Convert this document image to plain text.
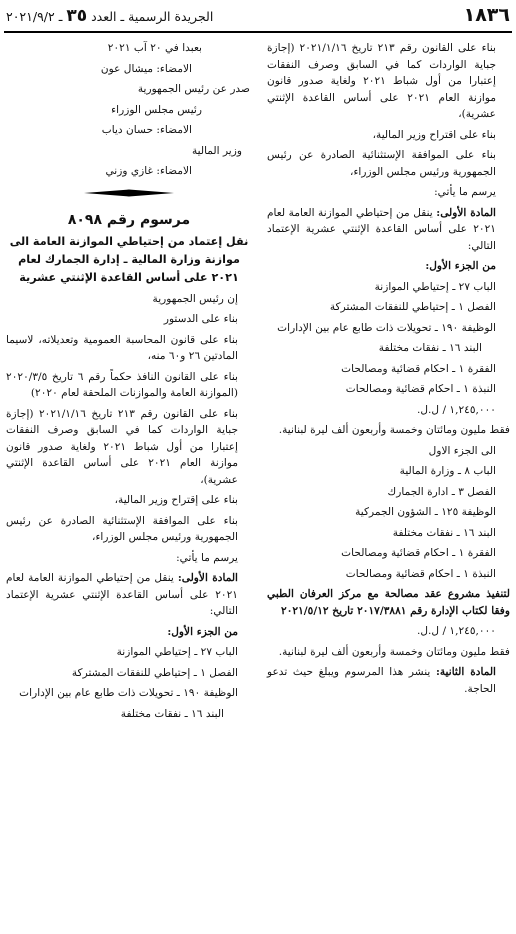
١٨٣٦
الجريدة الرسمية ـ العدد ٣٥ ـ ٢٠٢١/٩/٢

بناء على القانون رقم ٢١٣ تاريخ ٢٠٢١/١/١٦ (إجازة جباية الواردات كما في السابق وصرف النفقات إعتبارا من أول شباط ٢٠٢١ ولغاية صدور قانون موازنة العام ٢٠٢١ على أساس القاعدة الإثنتي عشرية)،

بناء على اقتراح وزير المالية،

بناء على الموافقة الإستثنائية الصادرة عن رئيس الجمهورية ورئيس مجلس الوزراء،

يرسم ما يأتي:

المادة الأولى: ينقل من إحتياطي الموازنة العامة لعام ٢٠٢١ على أساس القاعدة الإثنتي عشرية الإعتماد التالي:

من الجزء الأول:

الباب ٢٧ ـ إحتياطي الموازنة

الفصل ١ ـ إحتياطي للنفقات المشتركة

الوظيفة ١٩٠ ـ تحويلات ذات طابع عام بين الإدارات

البند ١٦ ـ نفقات مختلفة

الفقرة ١ ـ احكام قضائية ومصالحات

النبذة ١ ـ احكام قضائية ومصالحات

١,٢٤٥,٠٠٠ / ل.ل.

فقط مليون ومائتان وخمسة وأربعون ألف ليرة لبنانية.

الى الجزء الاول

الباب ٨ ـ وزارة المالية

الفصل ٣ ـ ادارة الجمارك

الوظيفة ١٢٥ ـ الشؤون الجمركية

البند ١٦ ـ نفقات مختلفة

الفقرة ١ ـ احكام قضائية ومصالحات

النبذة ١ ـ احكام قضائية ومصالحات

لتنفيذ مشروع عقد مصالحة مع مركز العرفان الطبي وفقا لكتاب الإدارة رقم ٢٠١٧/٣٨٨١ تاريخ ٢٠٢١/٥/١٢

١,٢٤٥,٠٠٠ / ل.ل.

فقط مليون ومائتان وخمسة وأربعون ألف ليرة لبنانية.

المادة الثانية: ينشر هذا المرسوم ويبلغ حيث تدعو الحاجة.

بعبدا في ٢٠ آب ٢٠٢١

الامضاء: ميشال عون

صدر عن رئيس الجمهورية

رئيس مجلس الوزراء

الامضاء: حسان دياب

وزير المالية

الامضاء: غازي وزني

مرسوم رقم ٨٠٩٨

نقل إعتماد من إحتياطي الموازنة العامة الى موازنة وزارة المالية ـ إدارة الجمارك لعام ٢٠٢١ على أساس القاعدة الإثنتي عشرية

إن رئيس الجمهورية

بناء على الدستور

بناء على قانون المحاسبة العمومية وتعديلاته، لاسيما المادتين ٢٦ و٦٠ منه،

بناء على القانون النافذ حكماً رقم ٦ تاريخ ٢٠٢٠/٣/٥ (الموازنة العامة والموازنات الملحقة لعام ٢٠٢٠)

بناء على القانون رقم ٢١٣ تاريخ ٢٠٢١/١/١٦ (إجازة جباية الواردات كما في السابق وصرف النفقات إعتبارا من أول شباط ٢٠٢١ ولغاية صدور قانون موازنة العام ٢٠٢١ على أساس القاعدة الإثنتي عشرية)،

بناء على إقتراح وزير المالية،

بناء على الموافقة الإستثنائية الصادرة عن رئيس الجمهورية ورئيس مجلس الوزراء،

يرسم ما يأتي:

المادة الأولى: ينقل من إحتياطي الموازنة العامة لعام ٢٠٢١ على أساس القاعدة الإثنتي عشرية الإعتماد التالي:

من الجزء الأول:

الباب ٢٧ ـ إحتياطي الموازنة

الفصل ١ ـ إحتياطي للنفقات المشتركة

الوظيفة ١٩٠ ـ تحويلات ذات طابع عام بين الإدارات

البند ١٦ ـ نفقات مختلفة
